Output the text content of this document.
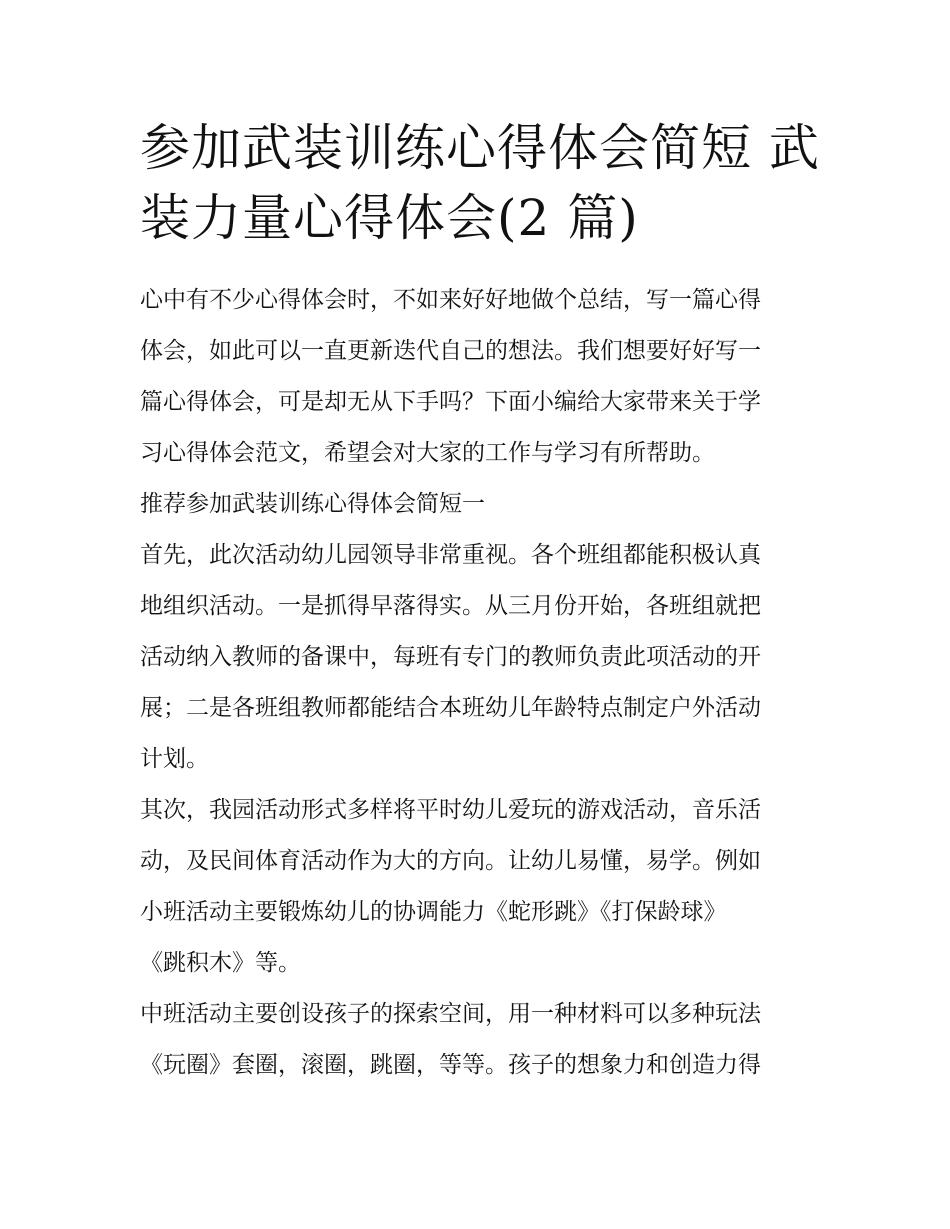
参加武装训练心得体会简短 武
装力量心得体会(2 篇)

心中有不少心得体会时，不如来好好地做个总结，写一篇心得

体会，如此可以一直更新迭代自己的想法。我们想要好好写一

篇心得体会，可是却无从下手吗？下面小编给大家带来关于学

习心得体会范文，希望会对大家的工作与学习有所帮助。

推荐参加武装训练心得体会简短一

首先，此次活动幼儿园领导非常重视。各个班组都能积极认真

地组织活动。一是抓得早落得实。从三月份开始，各班组就把

活动纳入教师的备课中，每班有专门的教师负责此项活动的开

展；二是各班组教师都能结合本班幼儿年龄特点制定户外活动

计划。

其次，我园活动形式多样将平时幼儿爱玩的游戏活动，音乐活

动，及民间体育活动作为大的方向。让幼儿易懂，易学。例如

小班活动主要锻炼幼儿的协调能力《蛇形跳》《打保龄球》

《跳积木》等。

中班活动主要创设孩子的探索空间，用一种材料可以多种玩法

《玩圈》套圈，滚圈，跳圈，等等。孩子的想象力和创造力得
